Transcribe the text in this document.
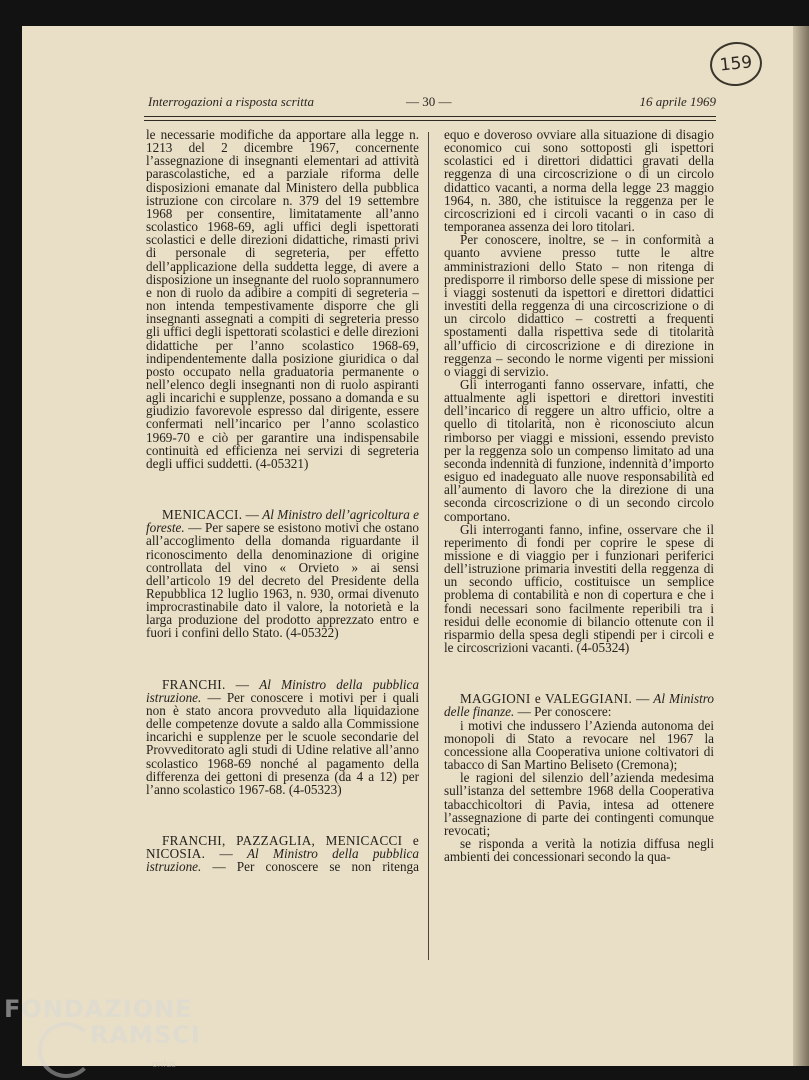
159
Interrogazioni a risposta scritta	— 30 —	16 aprile 1969

le necessarie modifiche da apportare alla legge n. 1213 del 2 dicembre 1967, concernente l’assegnazione di insegnanti elementari ad attività parascolastiche, ed a parziale riforma delle disposizioni emanate dal Ministero della pubblica istruzione con circolare n. 379 del 19 settembre 1968 per consentire, limitatamente all’anno scolastico 1968-69, agli uffici degli ispettorati scolastici e delle direzioni didattiche, rimasti privi di personale di segreteria, per effetto dell’applicazione della suddetta legge, di avere a disposizione un insegnante del ruolo soprannumero e non di ruolo da adibire a compiti di segreteria – non intenda tempestivamente disporre che gli insegnanti assegnati a compiti di segreteria presso gli uffici degli ispettorati scolastici e delle direzioni didattiche per l’anno scolastico 1968-69, indipendentemente dalla posizione giuridica o dal posto occupato nella graduatoria permanente o nell’elenco degli insegnanti non di ruolo aspiranti agli incarichi e supplenze, possano a domanda e su giudizio favorevole espresso dal dirigente, essere confermati nell’incarico per l’anno scolastico 1969-70 e ciò per garantire una indispensabile continuità ed efficienza nei servizi di segreteria degli uffici suddetti. (4-05321)

MENICACCI. — Al Ministro dell’agricoltura e foreste. — Per sapere se esistono motivi che ostano all’accoglimento della domanda riguardante il riconoscimento della denominazione di origine controllata del vino « Orvieto » ai sensi dell’articolo 19 del decreto del Presidente della Repubblica 12 luglio 1963, n. 930, ormai divenuto improcrastinabile dato il valore, la notorietà e la larga produzione del prodotto apprezzato entro e fuori i confini dello Stato. (4-05322)

FRANCHI. — Al Ministro della pubblica istruzione. — Per conoscere i motivi per i quali non è stato ancora provveduto alla liquidazione delle competenze dovute a saldo alla Commissione incarichi e supplenze per le scuole secondarie del Provveditorato agli studi di Udine relative all’anno scolastico 1968-69 nonché al pagamento della differenza dei gettoni di presenza (da 4 a 12) per l’anno scolastico 1967-68. (4-05323)

FRANCHI, PAZZAGLIA, MENICACCI e NICOSIA. — Al Ministro della pubblica istruzione. — Per conoscere se non ritenga

equo e doveroso ovviare alla situazione di disagio economico cui sono sottoposti gli ispettori scolastici ed i direttori didattici gravati della reggenza di una circoscrizione o di un circolo didattico vacanti, a norma della legge 23 maggio 1964, n. 380, che istituisce la reggenza per le circoscrizioni ed i circoli vacanti o in caso di temporanea assenza dei loro titolari.

Per conoscere, inoltre, se – in conformità a quanto avviene presso tutte le altre amministrazioni dello Stato – non ritenga di predisporre il rimborso delle spese di missione per i viaggi sostenuti da ispettori e direttori didattici investiti della reggenza di una circoscrizione o di un circolo didattico – costretti a frequenti spostamenti dalla rispettiva sede di titolarità all’ufficio di circoscrizione e di direzione in reggenza – secondo le norme vigenti per missioni o viaggi di servizio.

Gli interroganti fanno osservare, infatti, che attualmente agli ispettori e direttori investiti dell’incarico di reggere un altro ufficio, oltre a quello di titolarità, non è riconosciuto alcun rimborso per viaggi e missioni, essendo previsto per la reggenza solo un compenso limitato ad una seconda indennità di funzione, indennità d’importo esiguo ed inadeguato alle nuove responsabilità ed all’aumento di lavoro che la direzione di una seconda circoscrizione o di un secondo circolo comportano.

Gli interroganti fanno, infine, osservare che il reperimento di fondi per coprire le spese di missione e di viaggio per i funzionari periferici dell’istruzione primaria investiti della reggenza di un secondo ufficio, costituisce un semplice problema di contabilità e non di copertura e che i fondi necessari sono facilmente reperibili tra i residui delle economie di bilancio ottenute con il risparmio della spesa degli stipendi per i circoli e le circoscrizioni vacanti. (4-05324)

MAGGIONI e VALEGGIANI. — Al Ministro delle finanze. — Per conoscere:

i motivi che indussero l’Azienda autonoma dei monopoli di Stato a revocare nel 1967 la concessione alla Cooperativa unione coltivatori di tabacco di San Martino Beliseto (Cremona);

le ragioni del silenzio dell’azienda medesima sull’istanza del settembre 1968 della Cooperativa tabacchicoltori di Pavia, intesa ad ottenere l’assegnazione di parte dei contingenti comunque revocati;

se risponda a verità la notizia diffusa negli ambienti dei concessionari secondo la qua-

FONDAZIONE
RAMSCI
onlus
